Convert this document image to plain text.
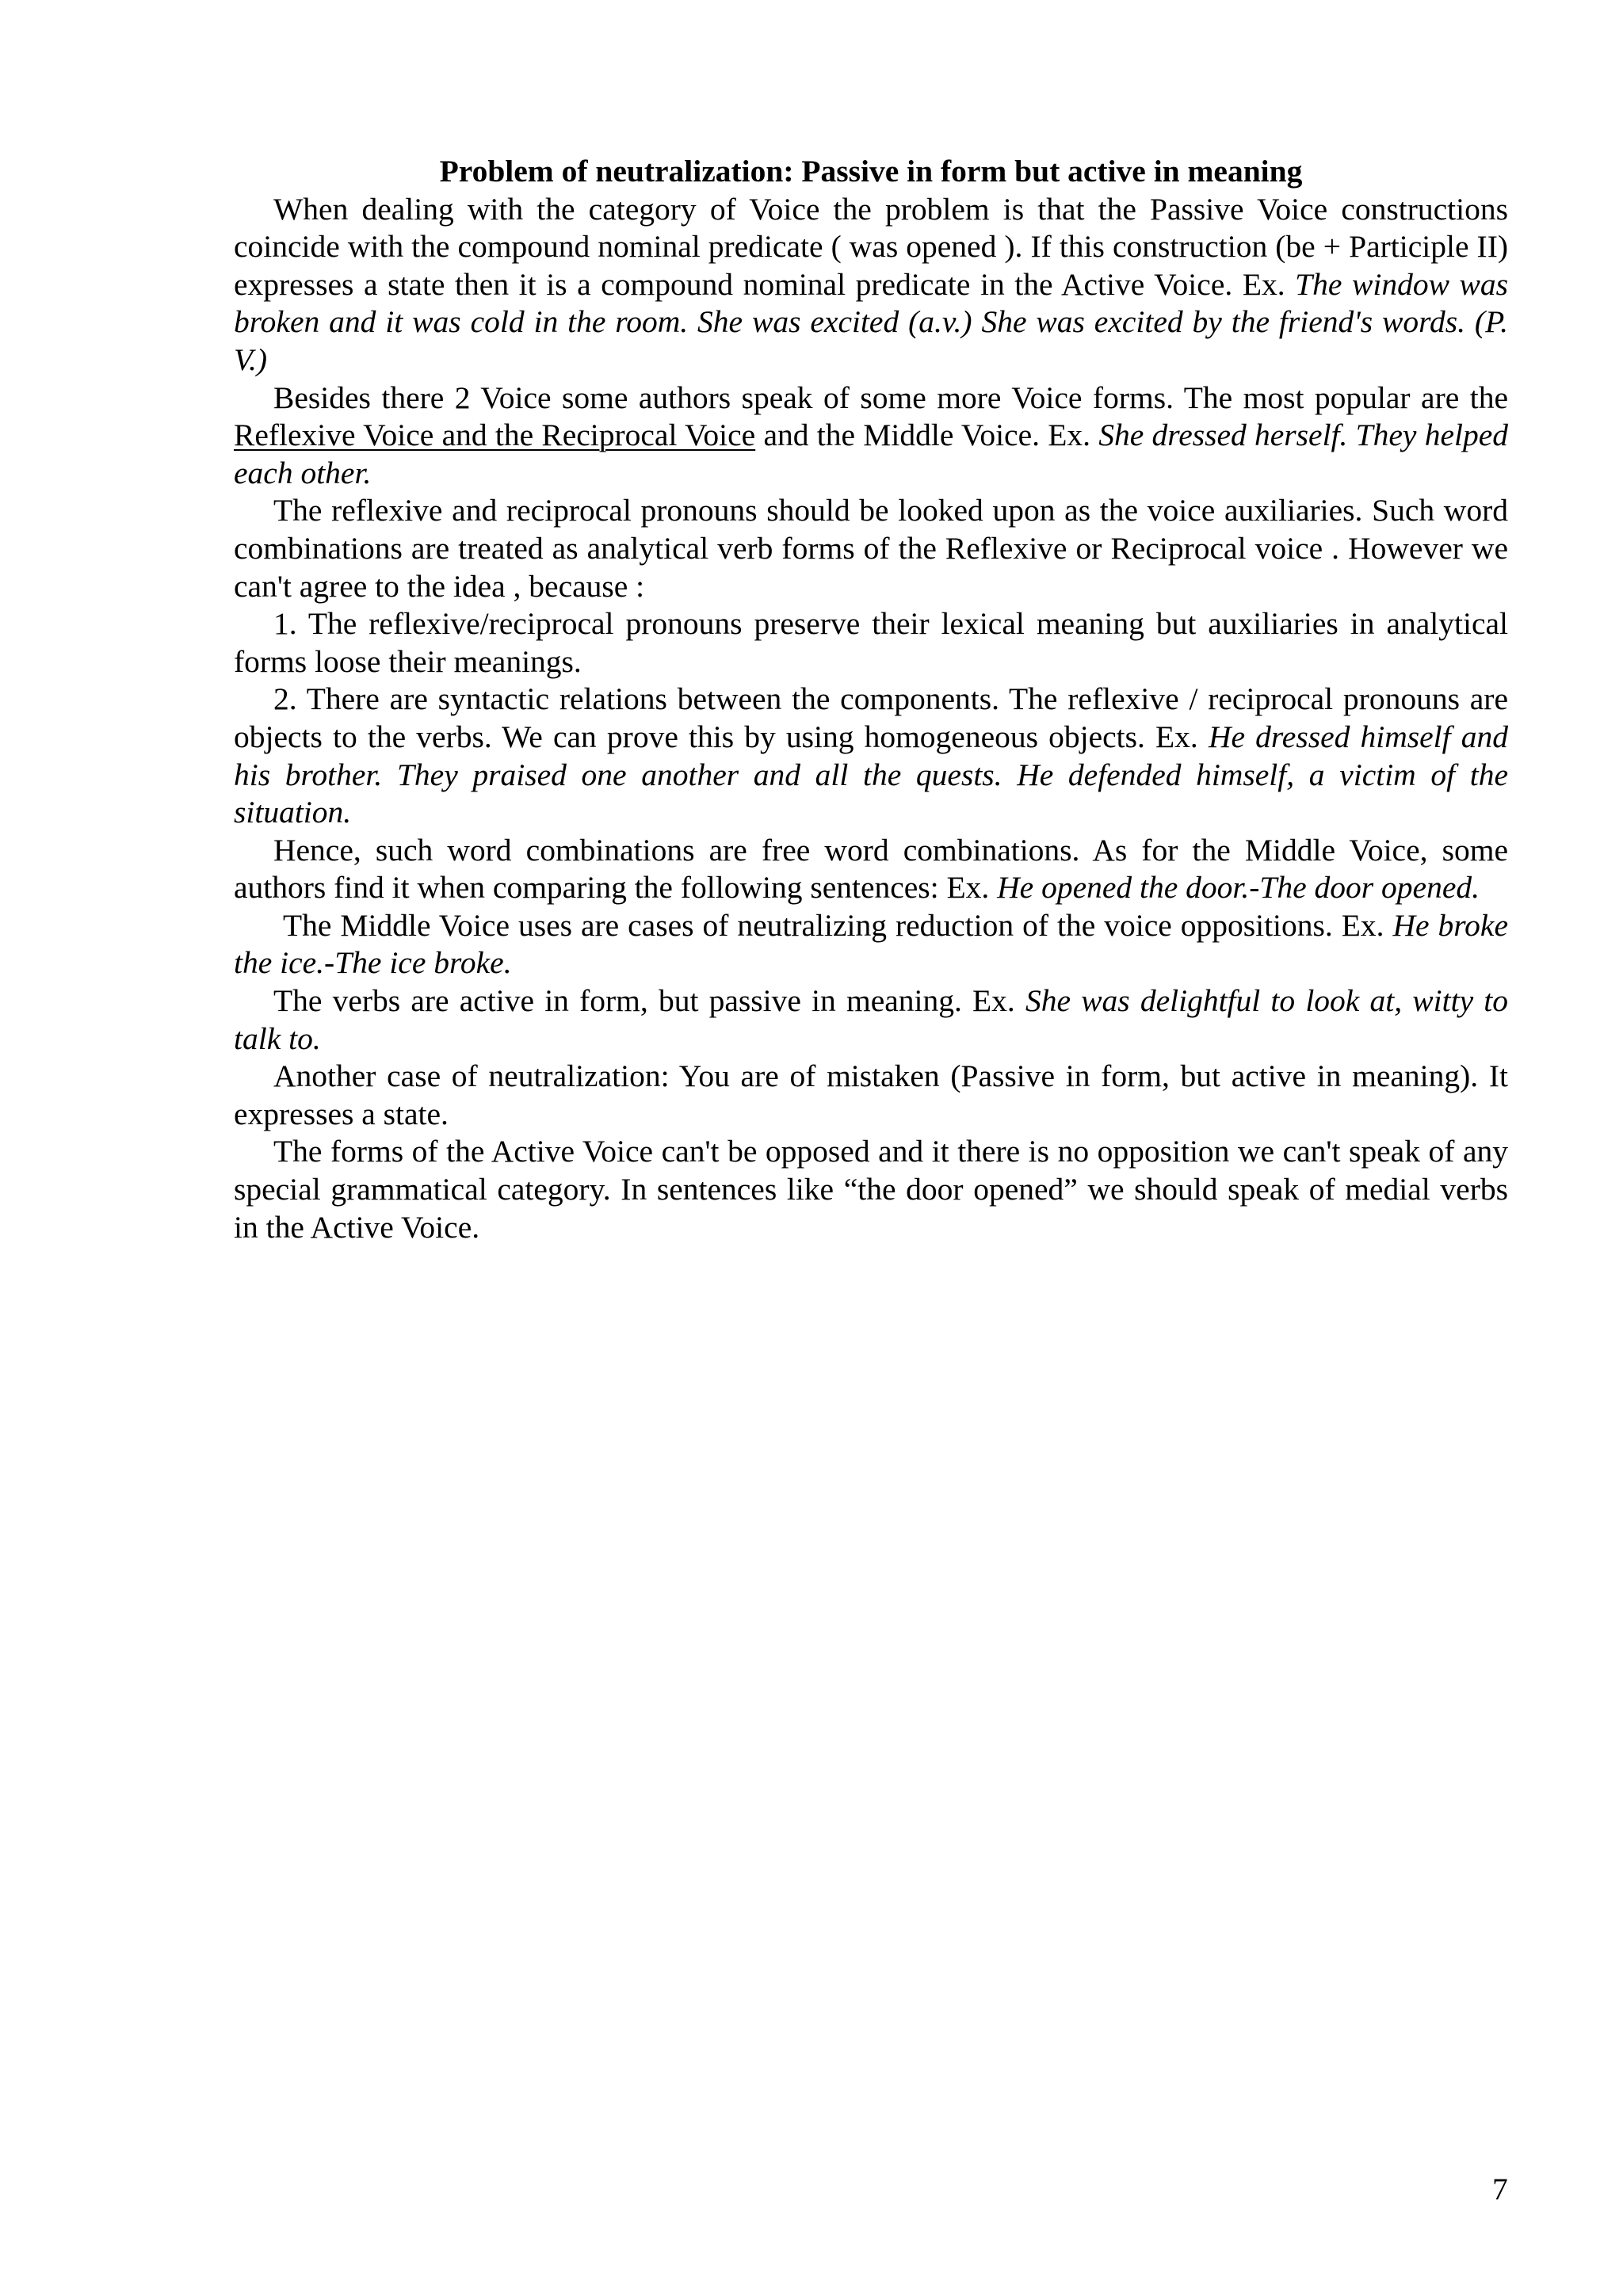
Problem of neutralization: Passive in form but active in meaning

When dealing with the category of Voice the problem is that the Passive Voice constructions coincide with the compound nominal predicate ( was opened ). If this construction (be + Participle II) expresses a state then it is a compound nominal predicate in the Active Voice. Ex. The window was broken and it was cold in the room. She was excited (a.v.) She was excited by the friend's words. (P. V.)

Besides there 2 Voice some authors speak of some more Voice forms. The most popular are the Reflexive Voice and the Reciprocal Voice and the Middle Voice. Ex. She dressed herself. They helped each other.

The reflexive and reciprocal pronouns should be looked upon as the voice auxiliaries. Such word combinations are treated as analytical verb forms of the Reflexive or Reciprocal voice . However we can't agree to the idea , because :

1. The reflexive/reciprocal pronouns preserve their lexical meaning but auxiliaries in analytical forms loose their meanings.

2. There are syntactic relations between the components. The reflexive / reciprocal pronouns are objects to the verbs. We can prove this by using homogeneous objects. Ex. He dressed himself and his brother. They praised one another and all the quests. He defended himself, a victim of the situation.

Hence, such word combinations are free word combinations. As for the Middle Voice, some authors find it when comparing the following sentences: Ex. He opened the door.-The door opened.

The Middle Voice uses are cases of neutralizing reduction of the voice oppositions. Ex. He broke the ice.-The ice broke.

The verbs are active in form, but passive in meaning. Ex. She was delightful to look at, witty to talk to.

Another case of neutralization: You are of mistaken (Passive in form, but active in meaning). It expresses a state.

The forms of the Active Voice can't be opposed and it there is no opposition we can't speak of any special grammatical category. In sentences like “the door opened” we should speak of medial verbs in the Active Voice.

7
